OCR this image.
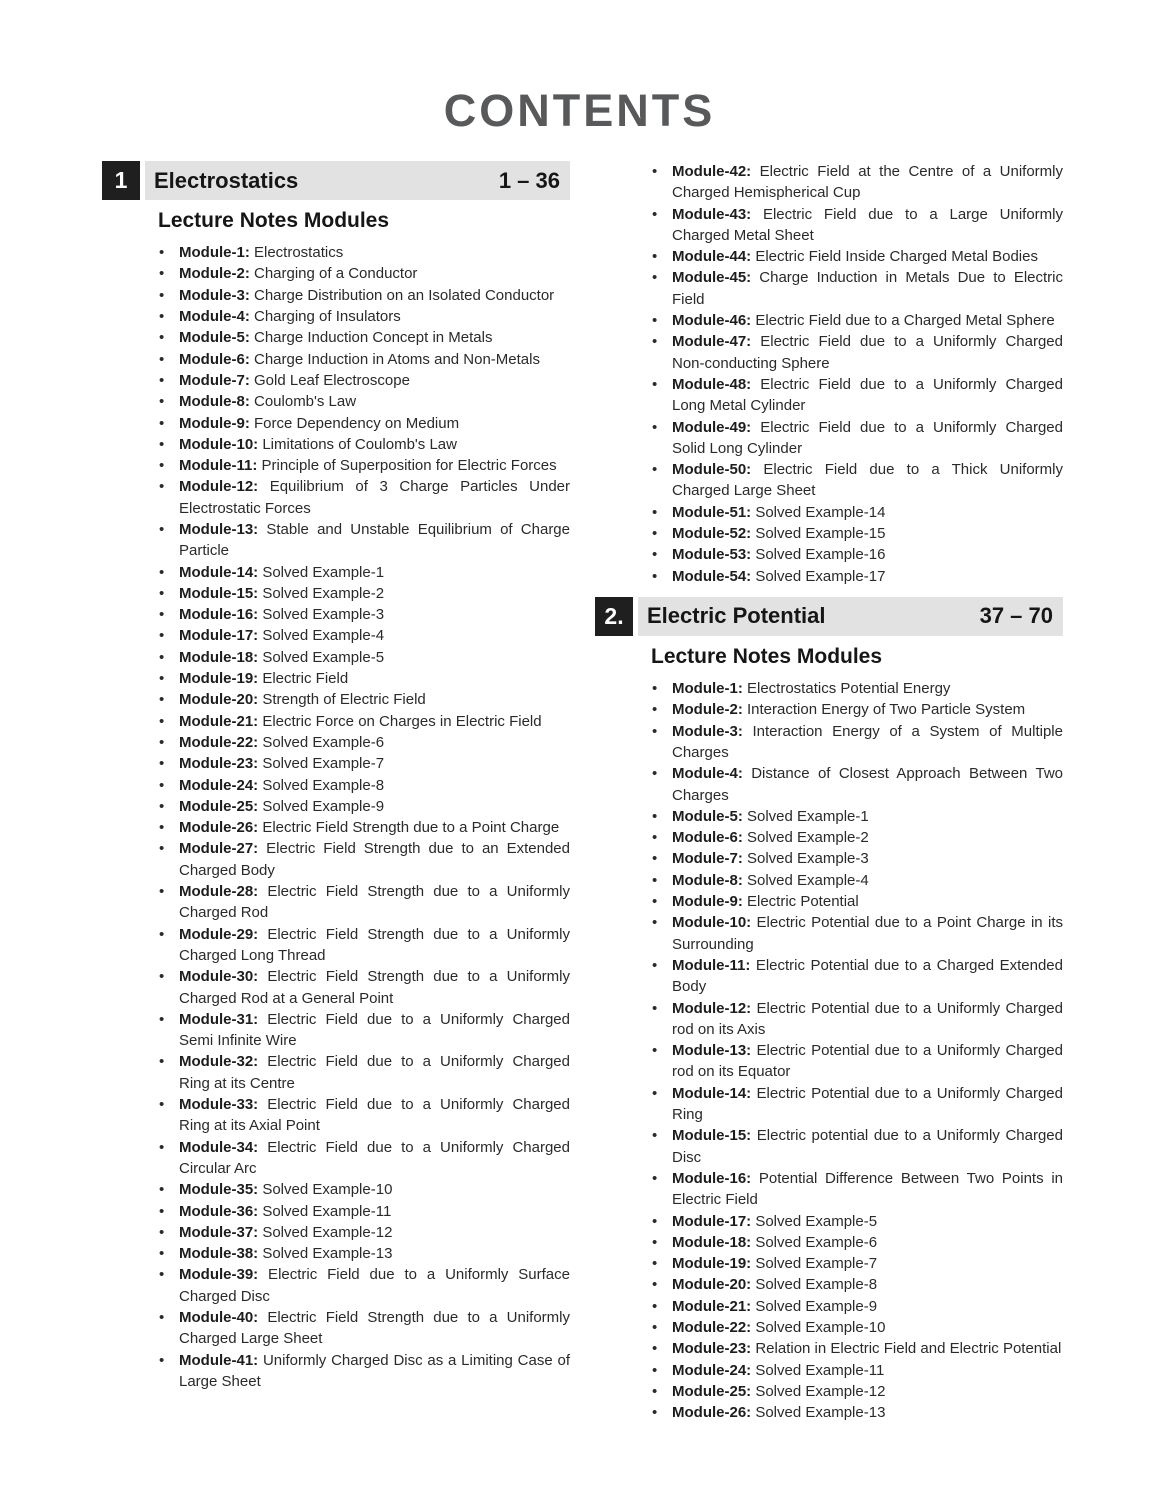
CONTENTS
1	Electrostatics	1 – 36
Lecture Notes Modules
• Module-1: Electrostatics
• Module-2: Charging of a Conductor
• Module-3: Charge Distribution on an Isolated Conductor
• Module-4: Charging of Insulators
• Module-5: Charge Induction Concept in Metals
• Module-6: Charge Induction in Atoms and Non-Metals
• Module-7: Gold Leaf Electroscope
• Module-8: Coulomb's Law
• Module-9: Force Dependency on Medium
• Module-10: Limitations of Coulomb's Law
• Module-11: Principle of Superposition for Electric Forces
• Module-12: Equilibrium of 3 Charge Particles Under Electrostatic Forces
• Module-13: Stable and Unstable Equilibrium of Charge Particle
• Module-14: Solved Example-1
• Module-15: Solved Example-2
• Module-16: Solved Example-3
• Module-17: Solved Example-4
• Module-18: Solved Example-5
• Module-19: Electric Field
• Module-20: Strength of Electric Field
• Module-21: Electric Force on Charges in Electric Field
• Module-22: Solved Example-6
• Module-23: Solved Example-7
• Module-24: Solved Example-8
• Module-25: Solved Example-9
• Module-26: Electric Field Strength due to a Point Charge
• Module-27: Electric Field Strength due to an Extended Charged Body
• Module-28: Electric Field Strength due to a Uniformly Charged Rod
• Module-29: Electric Field Strength due to a Uniformly Charged Long Thread
• Module-30: Electric Field Strength due to a Uniformly Charged Rod at a General Point
• Module-31: Electric Field due to a Uniformly Charged Semi Infinite Wire
• Module-32: Electric Field due to a Uniformly Charged Ring at its Centre
• Module-33: Electric Field due to a Uniformly Charged Ring at its Axial Point
• Module-34: Electric Field due to a Uniformly Charged Circular Arc
• Module-35: Solved Example-10
• Module-36: Solved Example-11
• Module-37: Solved Example-12
• Module-38: Solved Example-13
• Module-39: Electric Field due to a Uniformly Surface Charged Disc
• Module-40: Electric Field Strength due to a Uniformly Charged Large Sheet
• Module-41: Uniformly Charged Disc as a Limiting Case of Large Sheet
• Module-42: Electric Field at the Centre of a Uniformly Charged Hemispherical Cup
• Module-43: Electric Field due to a Large Uniformly Charged Metal Sheet
• Module-44: Electric Field Inside Charged Metal Bodies
• Module-45: Charge Induction in Metals Due to Electric Field
• Module-46: Electric Field due to a Charged Metal Sphere
• Module-47: Electric Field due to a Uniformly Charged Non-conducting Sphere
• Module-48: Electric Field due to a Uniformly Charged Long Metal Cylinder
• Module-49: Electric Field due to a Uniformly Charged Solid Long Cylinder
• Module-50: Electric Field due to a Thick Uniformly Charged Large Sheet
• Module-51: Solved Example-14
• Module-52: Solved Example-15
• Module-53: Solved Example-16
• Module-54: Solved Example-17
2.	Electric Potential	37 – 70
Lecture Notes Modules
• Module-1: Electrostatics Potential Energy
• Module-2: Interaction Energy of Two Particle System
• Module-3: Interaction Energy of a System of Multiple Charges
• Module-4: Distance of Closest Approach Between Two Charges
• Module-5: Solved Example-1
• Module-6: Solved Example-2
• Module-7: Solved Example-3
• Module-8: Solved Example-4
• Module-9: Electric Potential
• Module-10: Electric Potential due to a Point Charge in its Surrounding
• Module-11: Electric Potential due to a Charged Extended Body
• Module-12: Electric Potential due to a Uniformly Charged rod on its Axis
• Module-13: Electric Potential due to a Uniformly Charged rod on its Equator
• Module-14: Electric Potential due to a Uniformly Charged Ring
• Module-15: Electric potential due to a Uniformly Charged Disc
• Module-16: Potential Difference Between Two Points in Electric Field
• Module-17: Solved Example-5
• Module-18: Solved Example-6
• Module-19: Solved Example-7
• Module-20: Solved Example-8
• Module-21: Solved Example-9
• Module-22: Solved Example-10
• Module-23: Relation in Electric Field and Electric Potential
• Module-24: Solved Example-11
• Module-25: Solved Example-12
• Module-26: Solved Example-13
